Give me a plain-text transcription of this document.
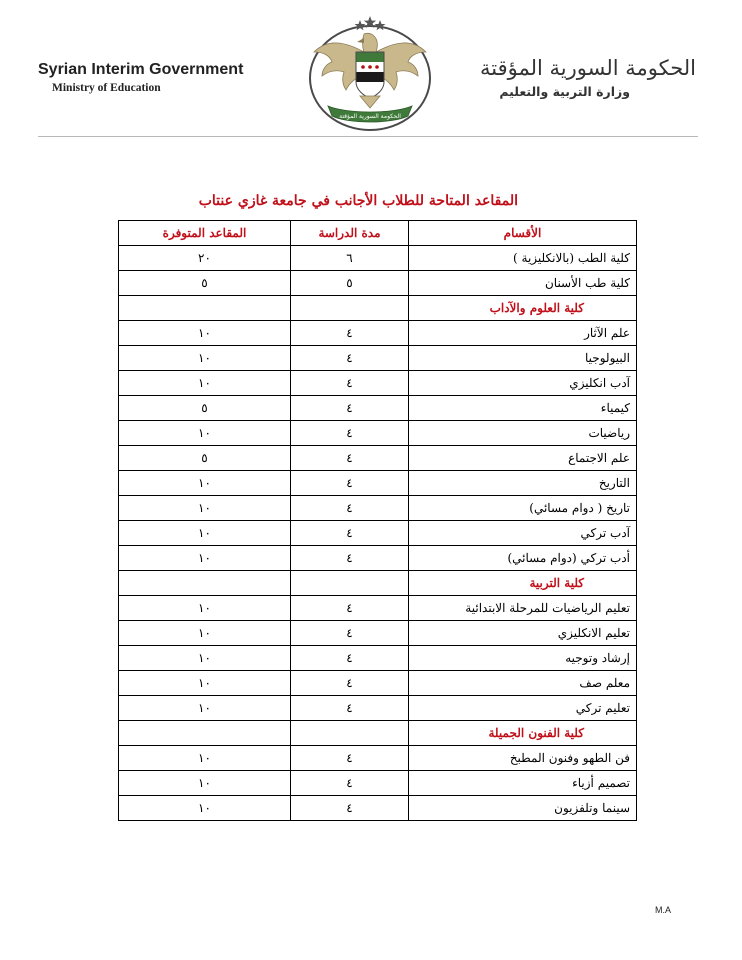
Syrian Interim Government
Ministry of Education
الحكومة السورية المؤقتة
وزارة التربية والتعليم
الحكومة السورية المؤقتة
المقاعد المتاحة للطلاب الأجانب في جامعة غازي عنتاب
المقاعد المتوفرة	مدة الدراسة	الأقسام
٢٠	٦	كلية الطب (بالانكليزية )
٥	٥	كلية طب الأسنان
		كلية العلوم والآداب
١٠	٤	علم الآثار
١٠	٤	البيولوجيا
١٠	٤	آدب انكليزي
٥	٤	كيمياء
١٠	٤	رياضيات
٥	٤	علم الاجتماع
١٠	٤	التاريخ
١٠	٤	تاريخ ( دوام مسائي)
١٠	٤	آدب تركي
١٠	٤	أدب تركي (دوام مسائي)
		كلية التربية
١٠	٤	تعليم الرياضيات للمرحلة الابتدائية
١٠	٤	تعليم الانكليزي
١٠	٤	إرشاد وتوجيه
١٠	٤	معلم صف
١٠	٤	تعليم تركي
		كلية الفنون الجميلة
١٠	٤	فن الطهو وفنون المطبخ
١٠	٤	تصميم أزياء
١٠	٤	سينما وتلفزيون
M.A
